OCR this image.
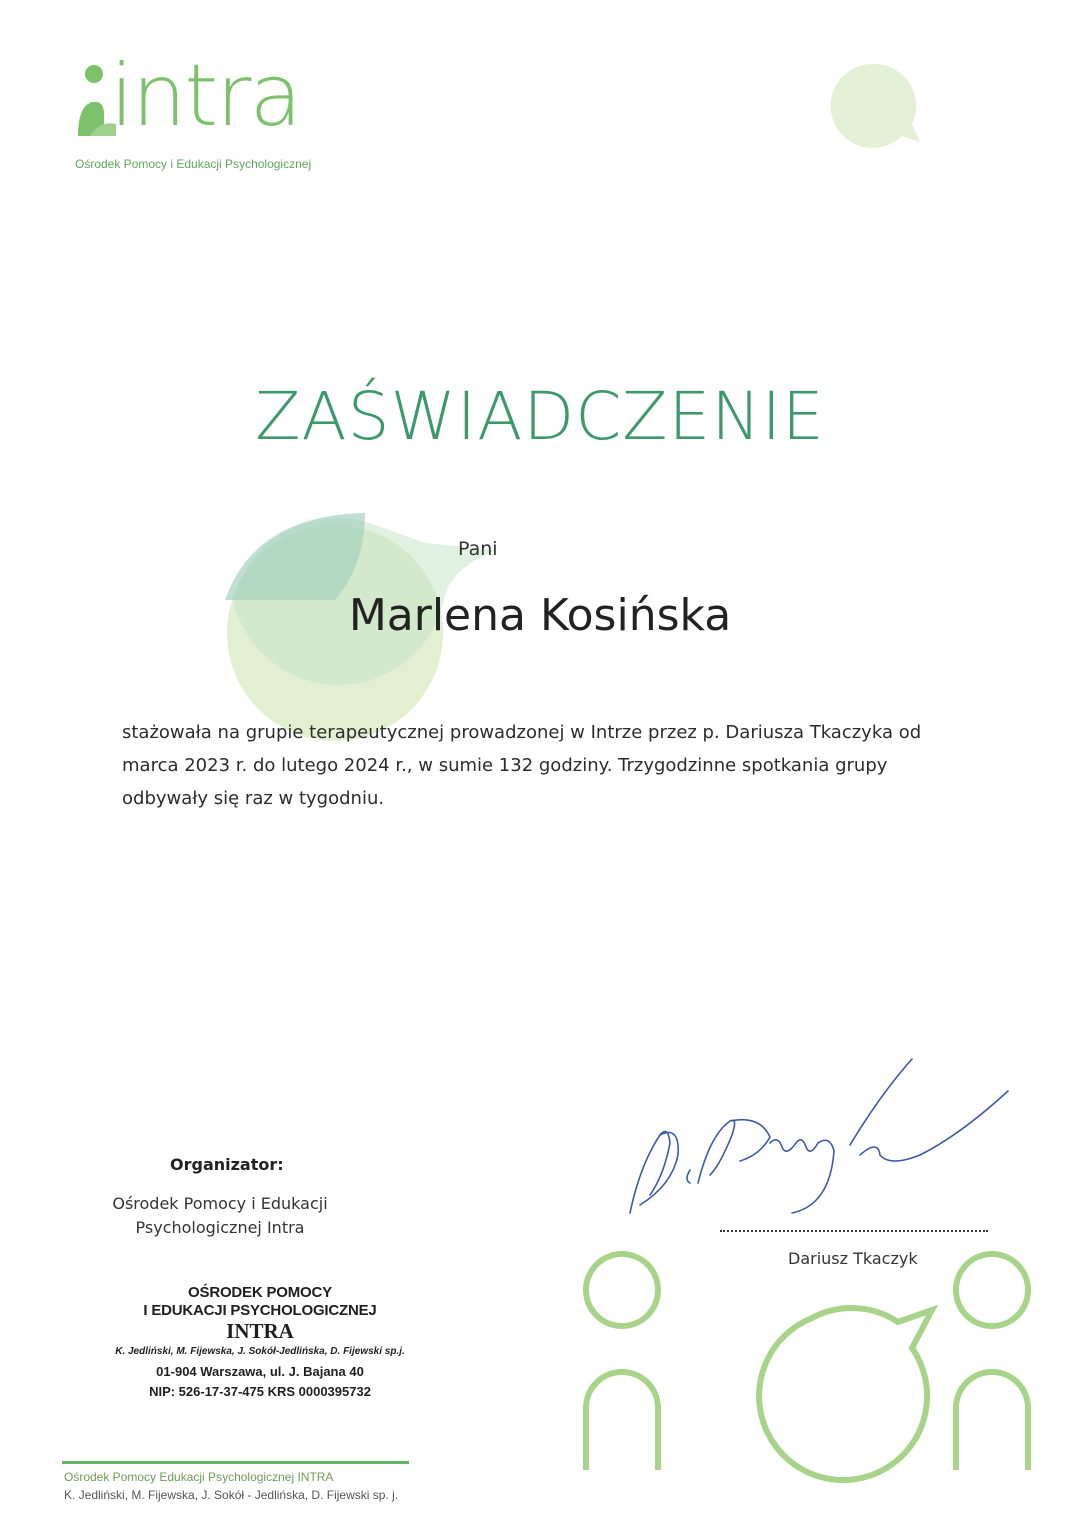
intra
Ośrodek Pomocy i Edukacji Psychologicznej
ZAŚWIADCZENIE
Pani
Marlena Kosińska

stażowała na grupie terapeutycznej prowadzonej w Intrze przez p. Dariusza Tkaczyka od

marca 2023 r. do lutego 2024 r., w sumie 132 godziny. Trzygodzinne spotkania grupy

odbywały się raz w tygodniu.

Organizator:
Ośrodek Pomocy i Edukacji
Psychologicznej Intra
OŚRODEK POMOCY
I EDUKACJI PSYCHOLOGICZNEJ
INTRA
K. Jedliński, M. Fijewska, J. Sokół-Jedlińska, D. Fijewski sp.j.
01-904 Warszawa, ul. J. Bajana 40
NIP: 526-17-37-475 KRS 0000395732
Dariusz Tkaczyk
Ośrodek Pomocy Edukacji Psychologicznej INTRA
K. Jedliński, M. Fijewska, J. Sokół - Jedlińska, D. Fijewski sp. j.
